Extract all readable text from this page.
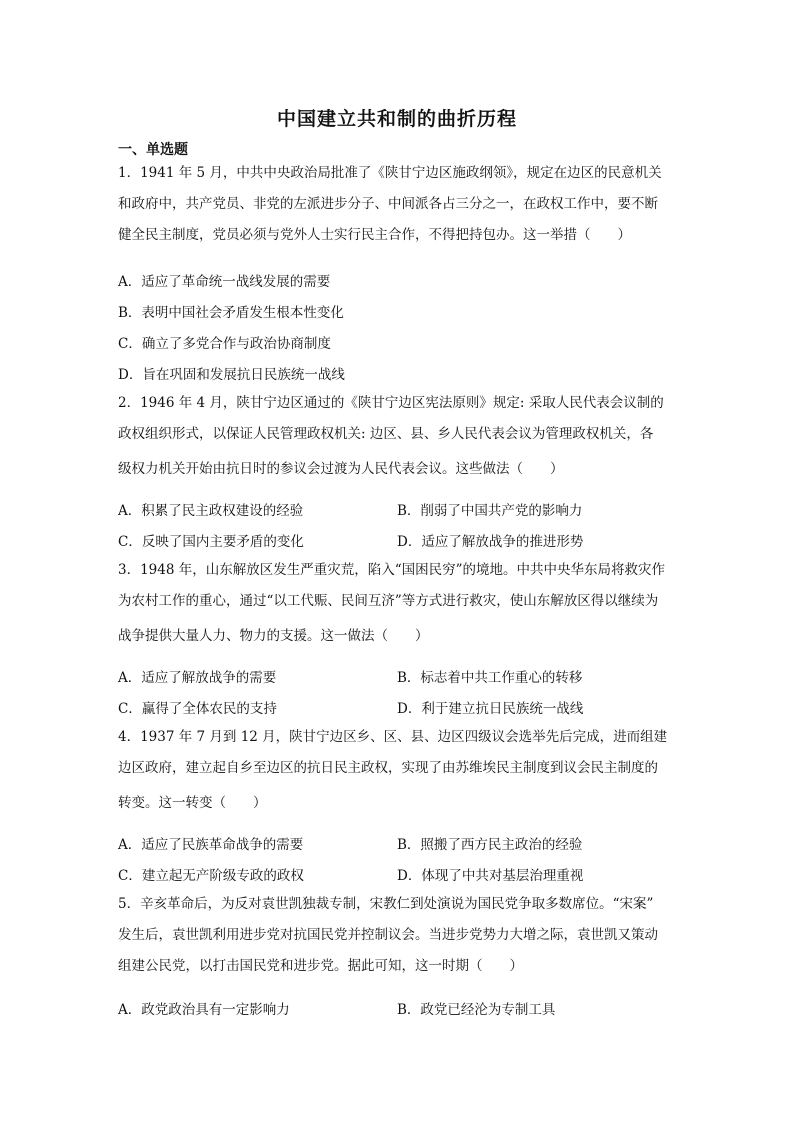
中国建立共和制的曲折历程
一、单选题
1．1941 年 5 月，中共中央政治局批准了《陕甘宁边区施政纲领》，规定在边区的民意机关
和政府中，共产党员、非党的左派进步分子、中间派各占三分之一，在政权工作中，要不断
健全民主制度，党员必须与党外人士实行民主合作，不得把持包办。这一举措（　　）
A．适应了革命统一战线发展的需要
B．表明中国社会矛盾发生根本性变化
C．确立了多党合作与政治协商制度
D．旨在巩固和发展抗日民族统一战线
2．1946 年 4 月，陕甘宁边区通过的《陕甘宁边区宪法原则》规定: 采取人民代表会议制的
政权组织形式，以保证人民管理政权机关: 边区、县、乡人民代表会议为管理政权机关，各
级权力机关开始由抗日时的参议会过渡为人民代表会议。这些做法（　　）
A．积累了民主政权建设的经验	B．削弱了中国共产党的影响力
C．反映了国内主要矛盾的变化	D．适应了解放战争的推进形势
3．1948 年，山东解放区发生严重灾荒，陷入“国困民穷”的境地。中共中央华东局将救灾作
为农村工作的重心，通过“以工代赈、民间互济”等方式进行救灾，使山东解放区得以继续为
战争提供大量人力、物力的支援。这一做法（　　）
A．适应了解放战争的需要	B．标志着中共工作重心的转移
C．赢得了全体农民的支持	D．利于建立抗日民族统一战线
4．1937 年 7 月到 12 月，陕甘宁边区乡、区、县、边区四级议会选举先后完成，进而组建
边区政府，建立起自乡至边区的抗日民主政权，实现了由苏维埃民主制度到议会民主制度的
转变。这一转变（　　）
A．适应了民族革命战争的需要	B．照搬了西方民主政治的经验
C．建立起无产阶级专政的政权	D．体现了中共对基层治理重视
5．辛亥革命后，为反对袁世凯独裁专制，宋教仁到处演说为国民党争取多数席位。“宋案”
发生后，袁世凯利用进步党对抗国民党并控制议会。当进步党势力大增之际，袁世凯又策动
组建公民党，以打击国民党和进步党。据此可知，这一时期（　　）
A．政党政治具有一定影响力	B．政党已经沦为专制工具
